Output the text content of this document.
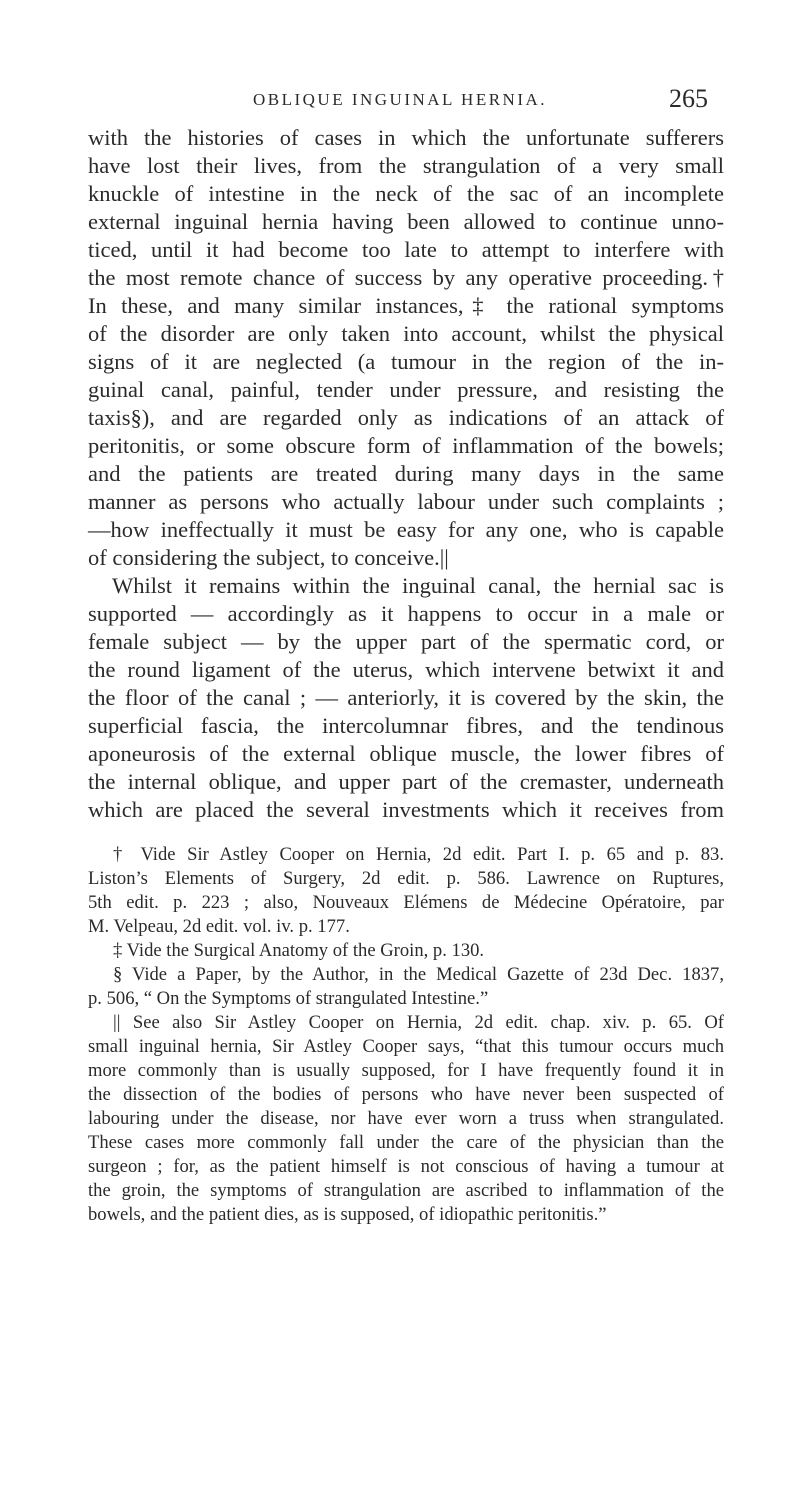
OBLIQUE INGUINAL HERNIA.	265
with the histories of cases in which the unfortunate sufferers
have lost their lives, from the strangulation of a very small
knuckle of intestine in the neck of the sac of an incomplete
external inguinal hernia having been allowed to continue unno-
ticed, until it had become too late to attempt to interfere with
the most remote chance of success by any operative proceeding.†
In these, and many similar instances,‡ the rational symptoms
of the disorder are only taken into account, whilst the physical
signs of it are neglected (a tumour in the region of the in-
guinal canal, painful, tender under pressure, and resisting the
taxis§), and are regarded only as indications of an attack of
peritonitis, or some obscure form of inflammation of the bowels;
and the patients are treated during many days in the same
manner as persons who actually labour under such complaints ;
—how ineffectually it must be easy for any one, who is capable
of considering the subject, to conceive.||
Whilst it remains within the inguinal canal, the hernial sac is
supported — accordingly as it happens to occur in a male or
female subject — by the upper part of the spermatic cord, or
the round ligament of the uterus, which intervene betwixt it and
the floor of the canal ; — anteriorly, it is covered by the skin, the
superficial fascia, the intercolumnar fibres, and the tendinous
aponeurosis of the external oblique muscle, the lower fibres of
the internal oblique, and upper part of the cremaster, underneath
which are placed the several investments which it receives from
† Vide Sir Astley Cooper on Hernia, 2d edit. Part I. p. 65 and p. 83.
Liston’s Elements of Surgery, 2d edit. p. 586. Lawrence on Ruptures,
5th edit. p. 223 ; also, Nouveaux Elémens de Médecine Opératoire, par
M. Velpeau, 2d edit. vol. iv. p. 177.
‡ Vide the Surgical Anatomy of the Groin, p. 130.
§ Vide a Paper, by the Author, in the Medical Gazette of 23d Dec. 1837,
p. 506, “ On the Symptoms of strangulated Intestine.”
|| See also Sir Astley Cooper on Hernia, 2d edit. chap. xiv. p. 65. Of
small inguinal hernia, Sir Astley Cooper says, “that this tumour occurs much
more commonly than is usually supposed, for I have frequently found it in
the dissection of the bodies of persons who have never been suspected of
labouring under the disease, nor have ever worn a truss when strangulated.
These cases more commonly fall under the care of the physician than the
surgeon ; for, as the patient himself is not conscious of having a tumour at
the groin, the symptoms of strangulation are ascribed to inflammation of the
bowels, and the patient dies, as is supposed, of idiopathic peritonitis.”
